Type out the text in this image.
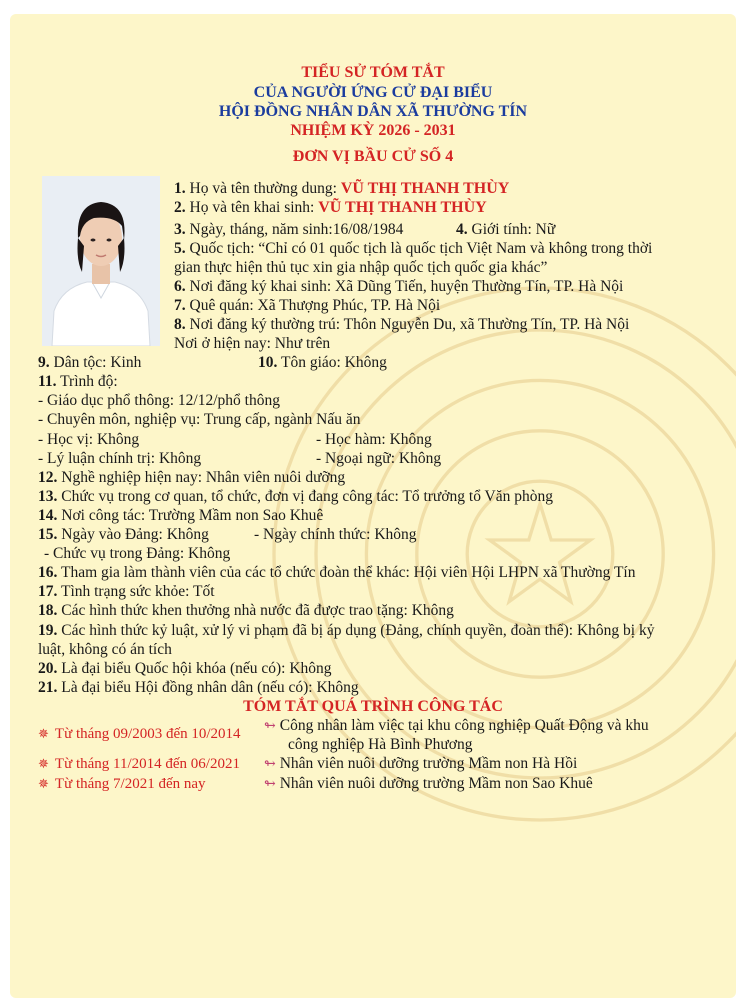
TIỂU SỬ TÓM TẮT
CỦA NGƯỜI ỨNG CỬ ĐẠI BIỂU
HỘI ĐỒNG NHÂN DÂN XÃ THƯỜNG TÍN
NHIỆM KỲ 2026 - 2031
ĐƠN VỊ BẦU CỬ SỐ 4
1. Họ và tên thường dung: VŨ THỊ THANH THÙY
2. Họ và tên khai sinh: VŨ THỊ THANH THÙY
3. Ngày, tháng, năm sinh:16/08/1984	4. Giới tính: Nữ
5. Quốc tịch: “Chỉ có 01 quốc tịch là quốc tịch Việt Nam và không trong thời
gian thực hiện thủ tục xin gia nhập quốc tịch quốc gia khác”
6. Nơi đăng ký khai sinh: Xã Dũng Tiến, huyện Thường Tín, TP. Hà Nội
7. Quê quán: Xã Thượng Phúc, TP. Hà Nội
8. Nơi đăng ký thường trú: Thôn Nguyễn Du, xã Thường Tín, TP. Hà Nội
Nơi ở hiện nay: Như trên
9. Dân tộc: Kinh	10. Tôn giáo: Không
11. Trình độ:
- Giáo dục phổ thông: 12/12/phổ thông
- Chuyên môn, nghiệp vụ: Trung cấp, ngành Nấu ăn
- Học vị: Không	- Học hàm: Không
- Lý luận chính trị: Không	- Ngoại ngữ: Không
12. Nghề nghiệp hiện nay: Nhân viên nuôi dưỡng
13. Chức vụ trong cơ quan, tổ chức, đơn vị đang công tác: Tổ trưởng tổ Văn phòng
14. Nơi công tác: Trường Mầm non Sao Khuê
15. Ngày vào Đảng: Không	- Ngày chính thức: Không
- Chức vụ trong Đảng: Không
16. Tham gia làm thành viên của các tổ chức đoàn thể khác: Hội viên Hội LHPN xã Thường Tín
17. Tình trạng sức khỏe: Tốt
18. Các hình thức khen thưởng nhà nước đã được trao tặng: Không
19. Các hình thức kỷ luật, xử lý vi phạm đã bị áp dụng (Đảng, chính quyền, đoàn thể): Không bị kỷ
luật, không có án tích
20. Là đại biểu Quốc hội khóa (nếu có): Không
21. Là đại biểu Hội đồng nhân dân (nếu có): Không
TÓM TẮT QUÁ TRÌNH CÔNG TÁC
✵ Từ tháng 09/2003 đến 10/2014 ↬ Công nhân làm việc tại khu công nghiệp Quất Động và khu
công nghiệp Hà Bình Phương
✵ Từ tháng 11/2014 đến 06/2021 ↬ Nhân viên nuôi dưỡng trường Mầm non Hà Hồi
✵ Từ tháng 7/2021 đến nay	↬ Nhân viên nuôi dưỡng trường Mầm non Sao Khuê
